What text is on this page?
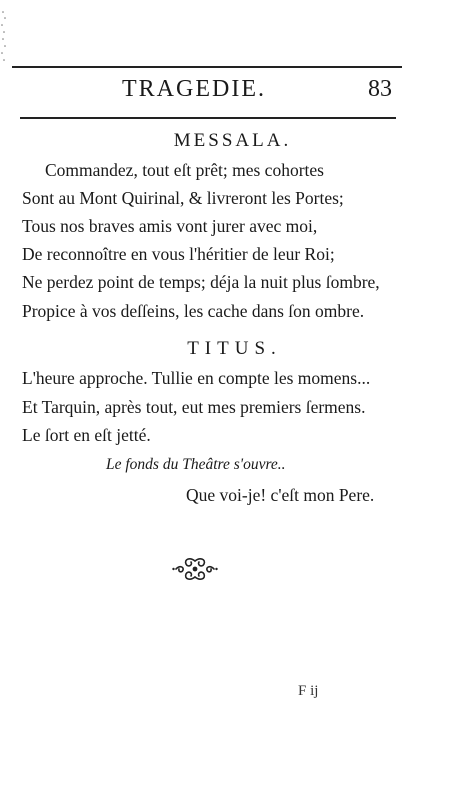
TRAGEDIE.	83
MESSALA.
Commandez, tout eſt prêt; mes cohortes
Sont au Mont Quirinal, & livreront les Portes;
Tous nos braves amis vont jurer avec moi,
De reconnoître en vous l'héritier de leur Roi;
Ne perdez point de temps; déja la nuit plus ſombre,
Propice à vos deſſeins, les cache dans ſon ombre.
TITUS.
L'heure approche. Tullie en compte les momens...
Et Tarquin, après tout, eut mes premiers ſermens.
Le ſort en eſt jetté.
Le fonds du Theâtre s'ouvre..
Que voi-je! c'eſt mon Pere.
F ij
